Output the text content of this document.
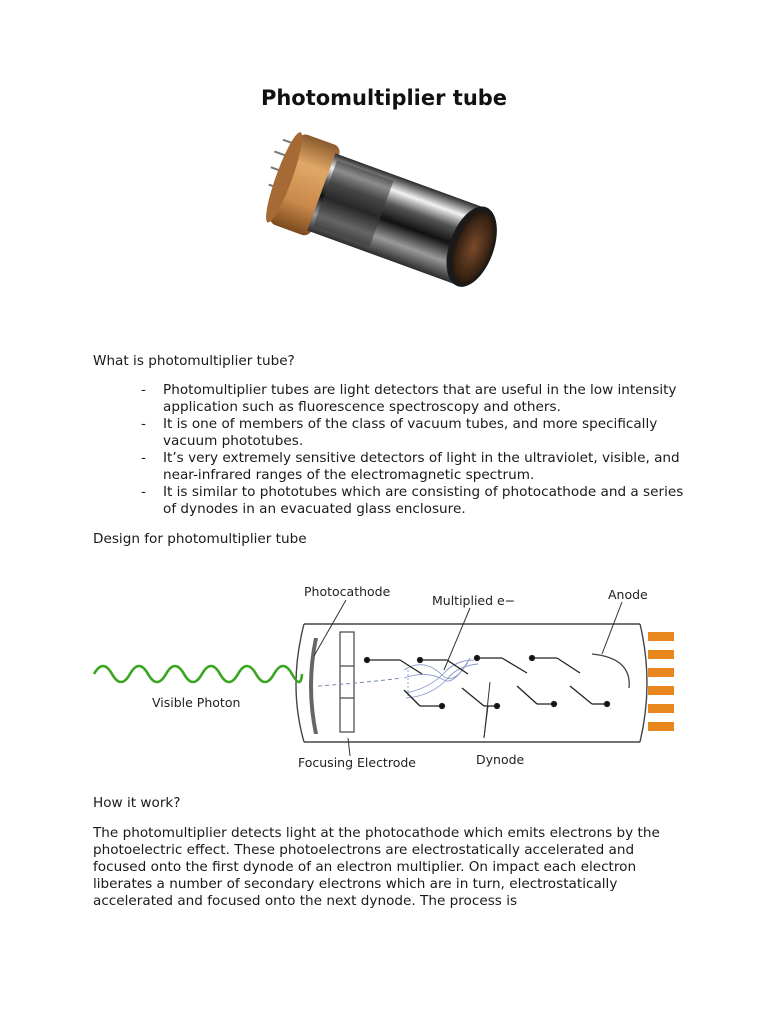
Photomultiplier tube

What is photomultiplier tube?

- Photomultiplier tubes are light detectors that are useful in the low intensity application such as fluorescence spectroscopy and others.
- It is one of members of the class of vacuum tubes, and more specifically vacuum phototubes.
- It’s very extremely sensitive detectors of light in the ultraviolet, visible, and near-infrared ranges of the electromagnetic spectrum.
- It is similar to phototubes which are consisting of photocathode and a series of dynodes in an evacuated glass enclosure.

Design for photomultiplier tube

Photocathode
Multiplied e−	Anode
Visible Photon
Focusing Electrode	Dynode

How it work?

The photomultiplier detects light at the photocathode which emits electrons by the photoelectric effect. These photoelectrons are electrostatically accelerated and focused onto the first dynode of an electron multiplier. On impact each electron liberates a number of secondary electrons which are in turn, electrostatically accelerated and focused onto the next dynode. The process is
